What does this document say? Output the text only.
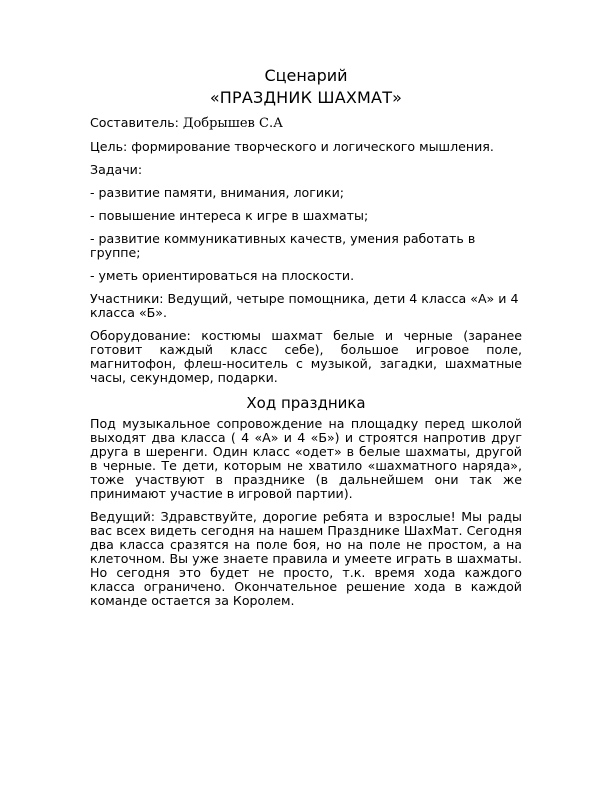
Сценарий
«ПРАЗДНИК ШАХМАТ»

Составитель: Добрышев С.А

Цель: формирование творческого и логического мышления.

Задачи:

- развитие памяти, внимания, логики;

- повышение интереса к игре в шахматы;

- развитие коммуникативных качеств, умения работать в группе;

- уметь ориентироваться на плоскости.

Участники: Ведущий, четыре помощника, дети 4 класса «А» и 4 класса «Б».

Оборудование: костюмы шахмат белые и черные (заранее готовит каждый класс себе), большое игровое поле, магнитофон, флеш-носитель с музыкой, загадки, шахматные часы, секундомер, подарки.

Ход праздника

Под музыкальное сопровождение на площадку перед школой выходят два класса ( 4 «А» и 4 «Б») и строятся напротив друг друга в шеренги. Один класс «одет» в белые шахматы, другой в черные. Те дети, которым не хватило «шахматного наряда», тоже участвуют в празднике (в дальнейшем они так же принимают участие в игровой партии).

Ведущий: Здравствуйте, дорогие ребята и взрослые! Мы рады вас всех видеть сегодня на нашем Празднике ШахМат. Сегодня два класса сразятся на поле боя, но на поле не простом, а на клеточном. Вы уже знаете правила и умеете играть в шахматы. Но сегодня это будет не просто, т.к. время хода каждого класса ограничено. Окончательное решение хода в каждой команде остается за Королем.
